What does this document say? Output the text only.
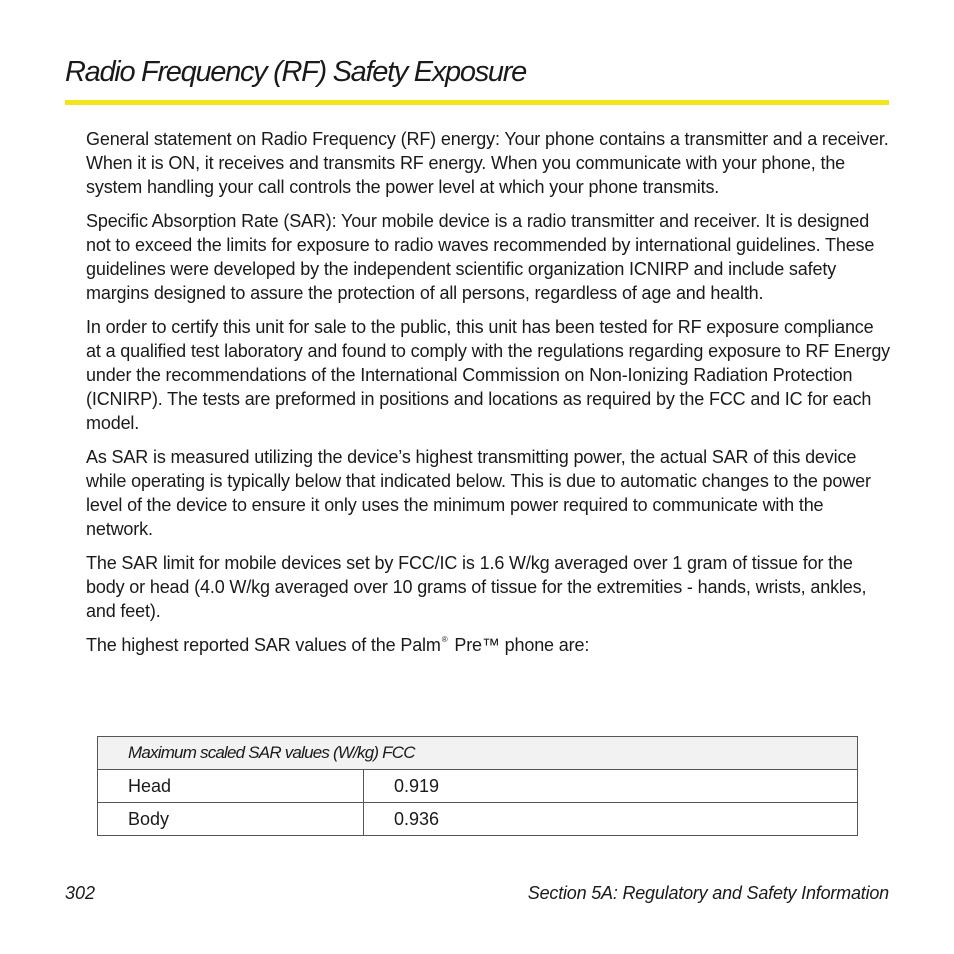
Radio Frequency (RF) Safety Exposure

General statement on Radio Frequency (RF) energy: Your phone contains a transmitter and a receiver. When it is ON, it receives and transmits RF energy. When you communicate with your phone, the system handling your call controls the power level at which your phone transmits.

Specific Absorption Rate (SAR): Your mobile device is a radio transmitter and receiver. It is designed not to exceed the limits for exposure to radio waves recommended by international guidelines. These guidelines were developed by the independent scientific organization ICNIRP and include safety margins designed to assure the protection of all persons, regardless of age and health.

In order to certify this unit for sale to the public, this unit has been tested for RF exposure compliance at a qualified test laboratory and found to comply with the regulations regarding exposure to RF Energy under the recommendations of the International Commission on Non-Ionizing Radiation Protection (ICNIRP). The tests are preformed in positions and locations as required by the FCC and IC for each model.

As SAR is measured utilizing the device’s highest transmitting power, the actual SAR of this device while operating is typically below that indicated below. This is due to automatic changes to the power level of the device to ensure it only uses the minimum power required to communicate with the network.

The SAR limit for mobile devices set by FCC/IC is 1.6 W/kg averaged over 1 gram of tissue for the body or head (4.0 W/kg averaged over 10 grams of tissue for the extremities - hands, wrists, ankles, and feet).

The highest reported SAR values of the Palm® Pre™ phone are:

Maximum scaled SAR values (W/kg) FCC	
Head	0.919
Body	0.936
302	Section 5A: Regulatory and Safety Information
